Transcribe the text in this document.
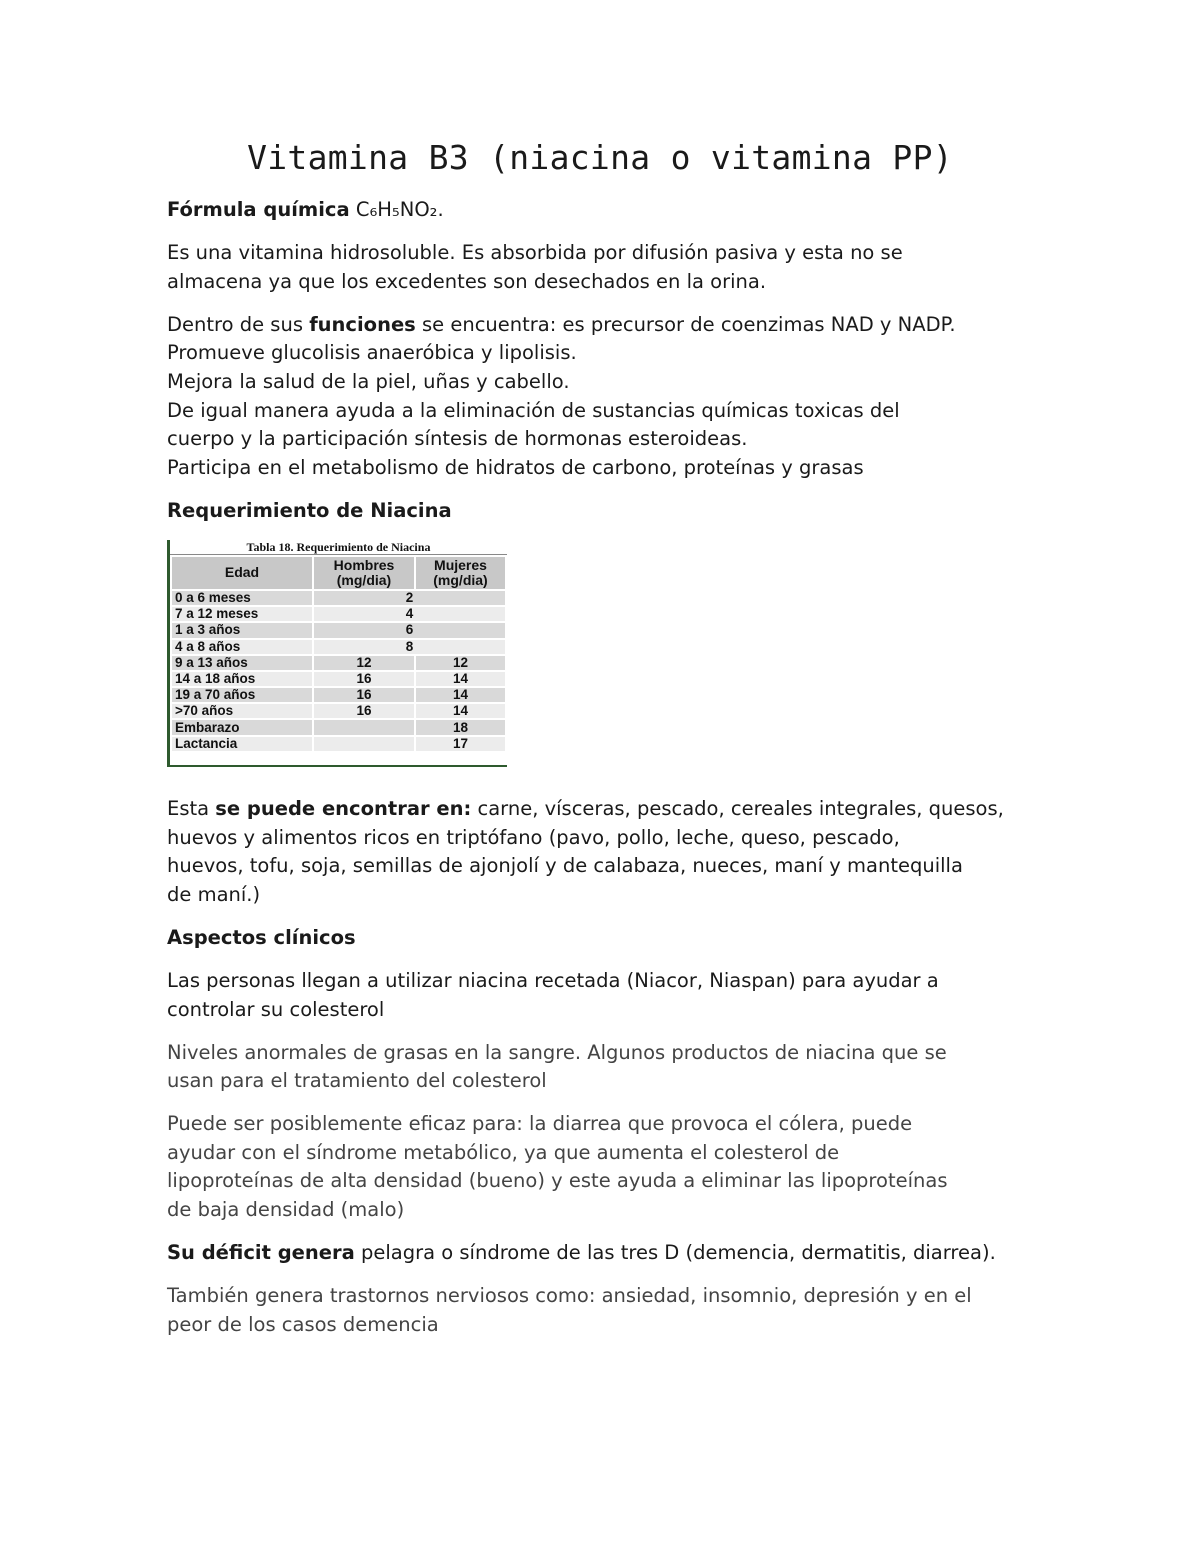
Vitamina B3 (niacina o vitamina PP)

Fórmula química C₆H₅NO₂.

Es una vitamina hidrosoluble. Es absorbida por difusión pasiva y esta no se
almacena ya que los excedentes son desechados en la orina.

Dentro de sus funciones se encuentra: es precursor de coenzimas NAD y NADP.
Promueve glucolisis anaeróbica y lipolisis.
Mejora la salud de la piel, uñas y cabello.
De igual manera ayuda a la eliminación de sustancias químicas toxicas del
cuerpo y la participación síntesis de hormonas esteroideas.
Participa en el metabolismo de hidratos de carbono, proteínas y grasas

Requerimiento de Niacina

Tabla 18. Requerimiento de Niacina
Edad	Hombres (mg/dia)	Mujeres (mg/dia)
0 a 6 meses	2	
7 a 12 meses	4	
1 a 3 años	6	
4 a 8 años	8	
9 a 13 años	12	12
14 a 18 años	16	14
19 a 70 años	16	14
>70 años	16	14
Embarazo		18
Lactancia		17

Esta se puede encontrar en: carne, vísceras, pescado, cereales integrales, quesos,
huevos y alimentos ricos en triptófano (pavo, pollo, leche, queso, pescado,
huevos, tofu, soja, semillas de ajonjolí y de calabaza, nueces, maní y mantequilla
de maní.)

Aspectos clínicos

Las personas llegan a utilizar niacina recetada (Niacor, Niaspan) para ayudar a
controlar su colesterol

Niveles anormales de grasas en la sangre. Algunos productos de niacina que se
usan para el tratamiento del colesterol

Puede ser posiblemente eficaz para: la diarrea que provoca el cólera, puede
ayudar con el síndrome metabólico, ya que aumenta el colesterol de
lipoproteínas de alta densidad (bueno) y este ayuda a eliminar las lipoproteínas
de baja densidad (malo)

Su déficit genera pelagra o síndrome de las tres D (demencia, dermatitis, diarrea).

También genera trastornos nerviosos como: ansiedad, insomnio, depresión y en el
peor de los casos demencia
